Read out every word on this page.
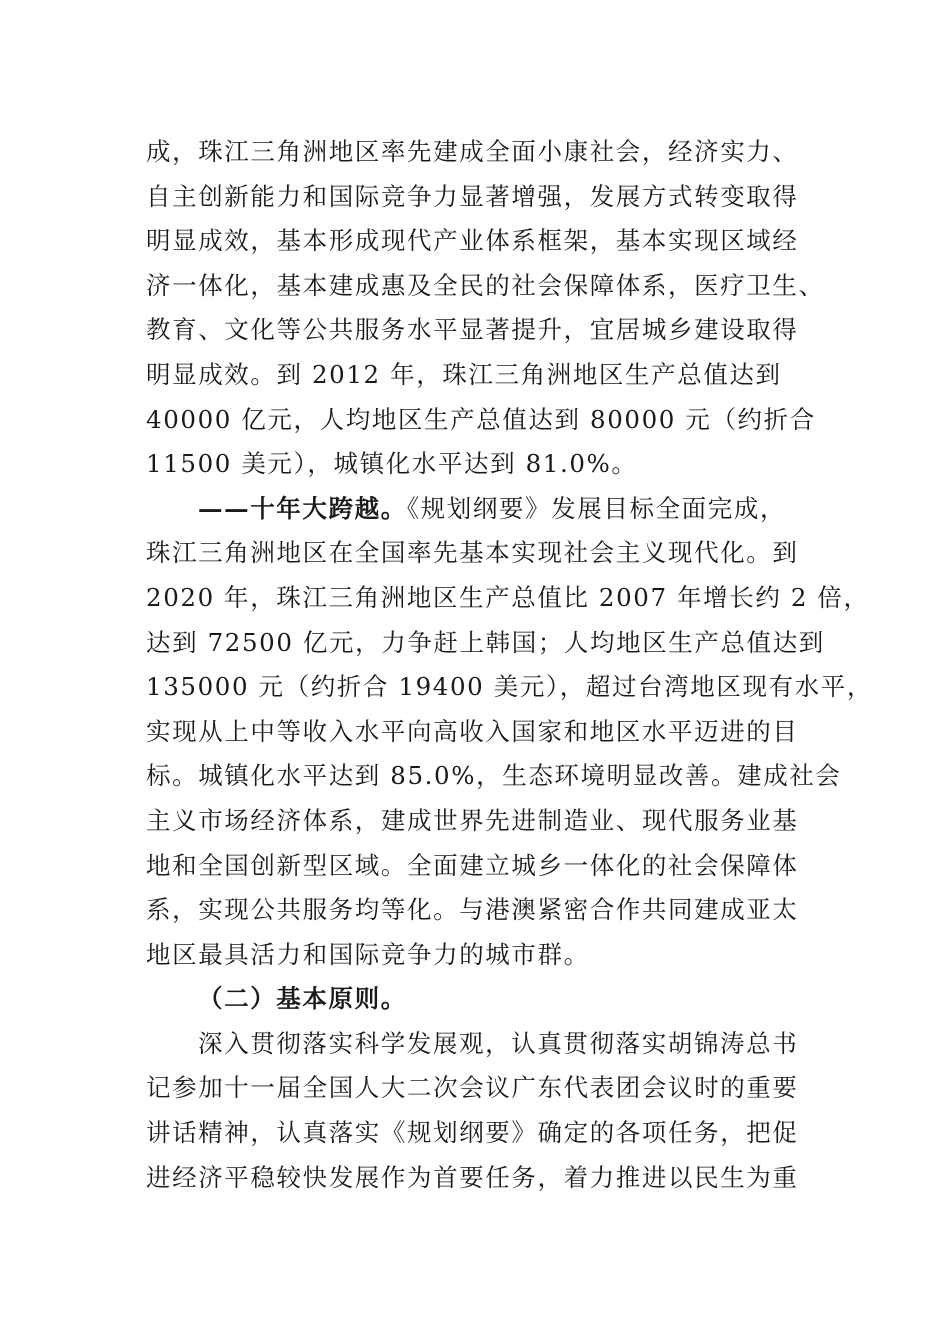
成，珠江三角洲地区率先建成全面小康社会，经济实力、
自主创新能力和国际竞争力显著增强，发展方式转变取得
明显成效，基本形成现代产业体系框架，基本实现区域经
济一体化，基本建成惠及全民的社会保障体系，医疗卫生、
教育、文化等公共服务水平显著提升，宜居城乡建设取得
明显成效。到 2012 年，珠江三角洲地区生产总值达到
40000 亿元，人均地区生产总值达到 80000 元（约折合
11500 美元），城镇化水平达到 81.0%。
——十年大跨越。《规划纲要》发展目标全面完成，
珠江三角洲地区在全国率先基本实现社会主义现代化。到
2020 年，珠江三角洲地区生产总值比 2007 年增长约 2 倍，
达到 72500 亿元，力争赶上韩国；人均地区生产总值达到
135000 元（约折合 19400 美元），超过台湾地区现有水平，
实现从上中等收入水平向高收入国家和地区水平迈进的目
标。城镇化水平达到 85.0%，生态环境明显改善。建成社会
主义市场经济体系，建成世界先进制造业、现代服务业基
地和全国创新型区域。全面建立城乡一体化的社会保障体
系，实现公共服务均等化。与港澳紧密合作共同建成亚太
地区最具活力和国际竞争力的城市群。
（二）基本原则。
深入贯彻落实科学发展观，认真贯彻落实胡锦涛总书
记参加十一届全国人大二次会议广东代表团会议时的重要
讲话精神，认真落实《规划纲要》确定的各项任务，把促
进经济平稳较快发展作为首要任务，着力推进以民生为重
